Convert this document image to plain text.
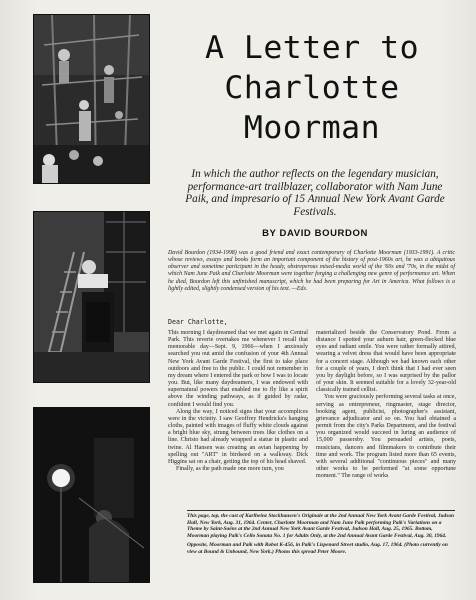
A Letter to
Charlotte
Moorman
In which the author reflects on the legendary musician, performance-art trailblazer, collaborator with Nam June Paik, and impresario of 15 Annual New York Avant Garde Festivals.
BY DAVID BOURDON
David Bourdon (1934-1998) was a good friend and exact contemporary of Charlotte Moorman (1933-1991). A critic whose reviews, essays and books form an important component of the history of post-1960s art, he was a ubiquitous observer and sometime participant in the heady, obstreperous mixed-media world of the '60s and '70s, in the midst of which Nam June Paik and Charlotte Moorman were together forging a challenging new genre of performance art. When he died, Bourdon left this unfinished manuscript, which he had been preparing for Art in America. What follows is a lightly edited, slightly condensed version of his text. —Eds.
Dear Charlotte,

This morning I daydreamed that we met again in Central Park. This reverie overtakes me whenever I recall that memorable day—Sept. 9, 1966—when I anxiously searched you out amid the confusion of your 4th Annual New York Avant Garde Festival, the first to take place outdoors and free to the public. I could not remember in my dream where I entered the park or how I was to locate you. But, like many daydreamers, I was endowed with supernatural powers that enabled me to fly like a spirit above the winding pathways, as if guided by radar, confident I would find you.

Along the way, I noticed signs that your accomplices were in the vicinity. I saw Geoffrey Hendricks's hanging cloths, painted with images of fluffy white clouds against a bright blue sky, strung between trees like clothes on a line. Christo had already wrapped a statue in plastic and twine. Al Hansen was creating an avian happening by spelling out "ART" in birdseed on a walkway. Dick Higgins sat on a chair, getting the top of his head shaved.

Finally, as the path made one more turn, you

materialized beside the Conservatory Pond. From a distance I spotted your auburn hair, green-flecked blue eyes and radiant smile. You were rather formally attired, wearing a velvet dress that would have been appropriate for a concert stage. Although we had known each other for a couple of years, I don't think that I had ever seen you by daylight before, so I was surprised by the pallor of your skin. It seemed suitable for a lovely 32-year-old classically trained cellist.

You were graciously performing several tasks at once, serving as entrepreneur, ringmaster, stage director, booking agent, publicist, photographer's assistant, grievance adjudicator and so on. You had obtained a permit from the city's Parks Department, and the festival you organized would succeed in luring an audience of 15,000 passersby. You persuaded artists, poets, musicians, dancers and filmmakers to contribute their time and work. The program listed more than 65 events, with several additional "continuous pieces" and many other works to be performed "at some opportune moment." The range of works

This page, top, the cast of Karlheinz Stockhausen's Originale at the 2nd Annual New York Avant Garde Festival, Judson Hall, New York, Aug. 31, 1964. Center, Charlotte Moorman and Nam June Paik performing Paik's Variations on a Theme by Saint-Saëns at the 2nd Annual New York Avant Garde Festival, Judson Hall, Aug. 25, 1965. Bottom, Moorman playing Paik's Cello Sonata No. 1 for Adults Only, at the 2nd Annual Avant Garde Festival, Aug. 30, 1964.

Opposite, Moorman and Paik with Robot K-456, in Paik's Lispenard Street studio, Aug. 17, 1964. (Photo currently on view at Bound & Unbound, New York.) Photos this spread Peter Moore.
